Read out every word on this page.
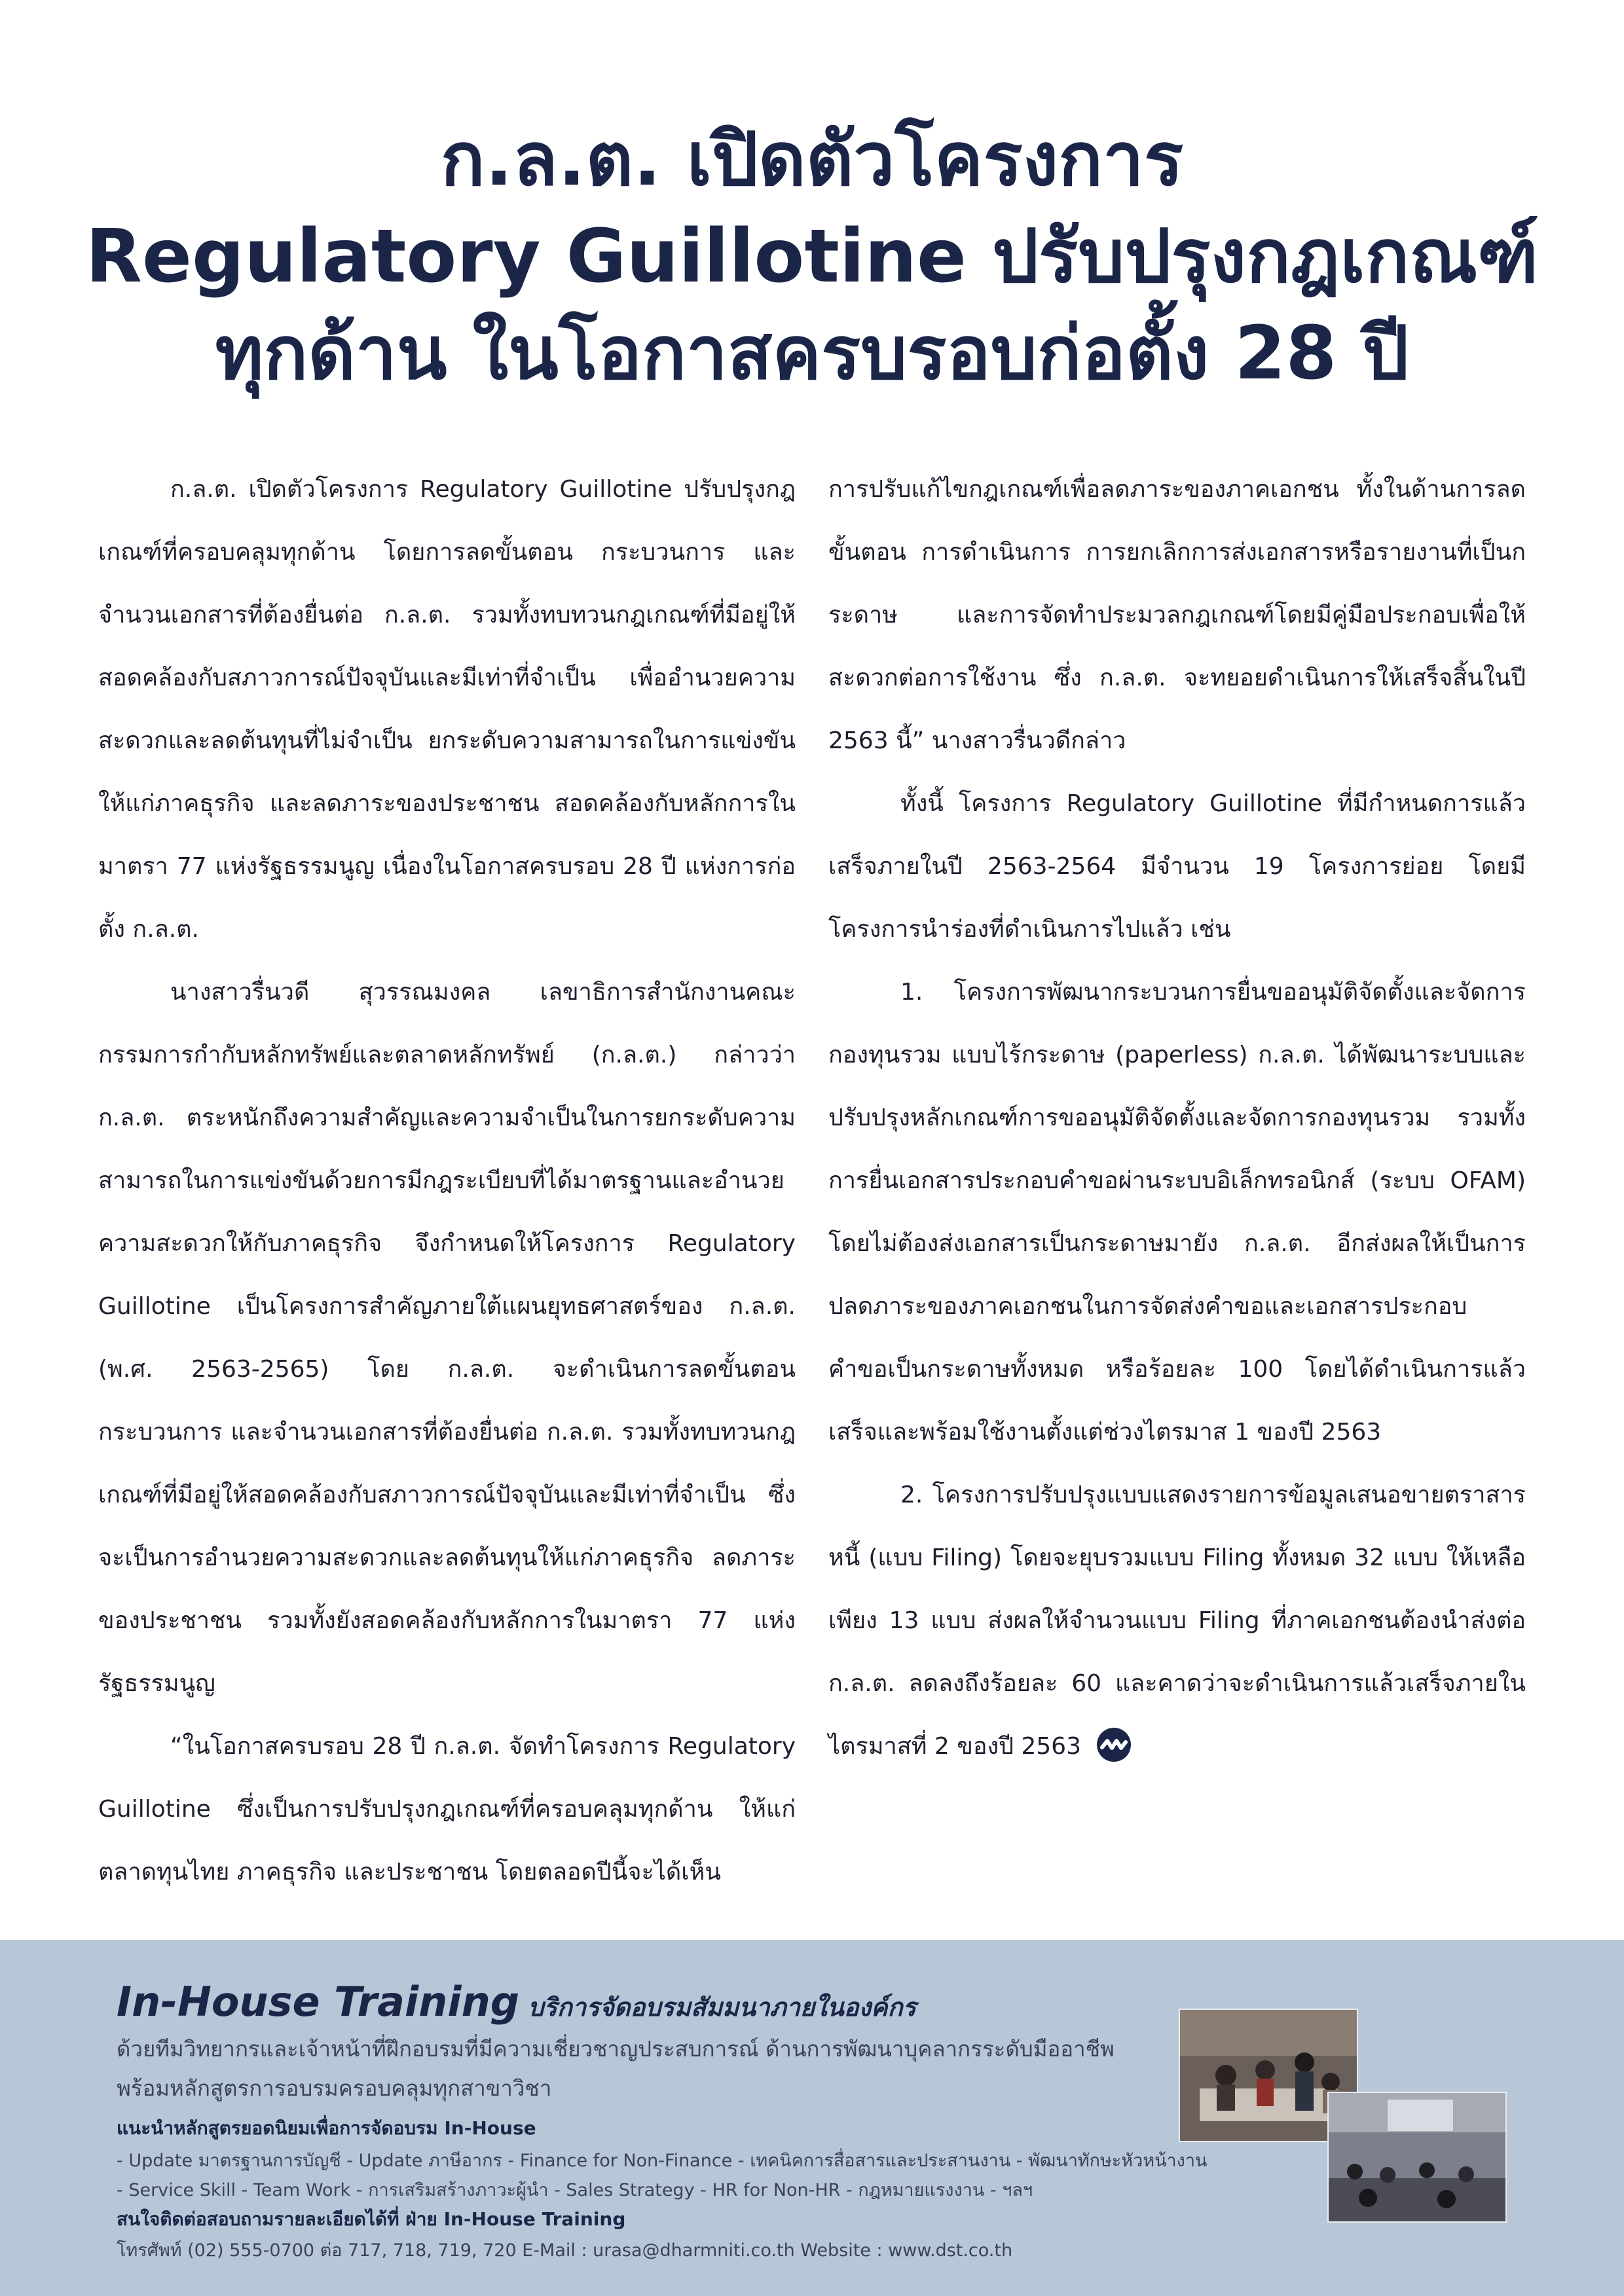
ก.ล.ต. เปิดตัวโครงการ
Regulatory Guillotine ปรับปรุงกฎเกณฑ์
ทุกด้าน ในโอกาสครบรอบก่อตั้ง 28 ปี

ก.ล.ต. เปิดตัวโครงการ Regulatory Guillotine ปรับปรุงกฎเกณฑ์ที่ครอบคลุมทุกด้าน โดยการลดขั้นตอน กระบวนการ และจำนวนเอกสารที่ต้องยื่นต่อ ก.ล.ต. รวมทั้งทบทวนกฎเกณฑ์ที่มีอยู่ให้สอดคล้องกับสภาวการณ์ปัจจุบันและมีเท่าที่จำเป็น เพื่ออำนวยความสะดวกและลดต้นทุนที่ไม่จำเป็น ยกระดับความสามารถในการแข่งขันให้แก่ภาคธุรกิจ และลดภาระของประชาชน สอดคล้องกับหลักการในมาตรา 77 แห่งรัฐธรรมนูญ เนื่องในโอกาสครบรอบ 28 ปี แห่งการก่อตั้ง ก.ล.ต.

นางสาวรื่นวดี สุวรรณมงคล เลขาธิการสำนักงานคณะกรรมการกำกับหลักทรัพย์และตลาดหลักทรัพย์ (ก.ล.ต.) กล่าวว่า ก.ล.ต. ตระหนักถึงความสำคัญและความจำเป็นในการยกระดับความสามารถในการแข่งขันด้วยการมีกฎระเบียบที่ได้มาตรฐานและอำนวยความสะดวกให้กับภาคธุรกิจ จึงกำหนดให้โครงการ Regulatory Guillotine เป็นโครงการสำคัญภายใต้แผนยุทธศาสตร์ของ ก.ล.ต. (พ.ศ. 2563-2565) โดย ก.ล.ต. จะดำเนินการลดขั้นตอน กระบวนการ และจำนวนเอกสารที่ต้องยื่นต่อ ก.ล.ต. รวมทั้งทบทวนกฎเกณฑ์ที่มีอยู่ให้สอดคล้องกับสภาวการณ์ปัจจุบันและมีเท่าที่จำเป็น ซึ่งจะเป็นการอำนวยความสะดวกและลดต้นทุนให้แก่ภาคธุรกิจ ลดภาระของประชาชน รวมทั้งยังสอดคล้องกับหลักการในมาตรา 77 แห่งรัฐธรรมนูญ

“ในโอกาสครบรอบ 28 ปี ก.ล.ต. จัดทำโครงการ Regulatory Guillotine ซึ่งเป็นการปรับปรุงกฎเกณฑ์ที่ครอบคลุมทุกด้าน ให้แก่ตลาดทุนไทย ภาคธุรกิจ และประชาชน โดยตลอดปีนี้จะได้เห็น

การปรับแก้ไขกฎเกณฑ์เพื่อลดภาระของภาคเอกชน ทั้งในด้านการลดขั้นตอน การดำเนินการ การยกเลิกการส่งเอกสารหรือรายงานที่เป็นกระดาษ และการจัดทำประมวลกฎเกณฑ์โดยมีคู่มือประกอบเพื่อให้สะดวกต่อการใช้งาน ซึ่ง ก.ล.ต. จะทยอยดำเนินการให้เสร็จสิ้นในปี 2563 นี้” นางสาวรื่นวดีกล่าว

ทั้งนี้ โครงการ Regulatory Guillotine ที่มีกำหนดการแล้วเสร็จภายในปี 2563-2564 มีจำนวน 19 โครงการย่อย โดยมีโครงการนำร่องที่ดำเนินการไปแล้ว เช่น

1. โครงการพัฒนากระบวนการยื่นขออนุมัติจัดตั้งและจัดการกองทุนรวม แบบไร้กระดาษ (paperless) ก.ล.ต. ได้พัฒนาระบบและปรับปรุงหลักเกณฑ์การขออนุมัติจัดตั้งและจัดการกองทุนรวม รวมทั้งการยื่นเอกสารประกอบคำขอผ่านระบบอิเล็กทรอนิกส์ (ระบบ OFAM) โดยไม่ต้องส่งเอกสารเป็นกระดาษมายัง ก.ล.ต. อีกส่งผลให้เป็นการปลดภาระของภาคเอกชนในการจัดส่งคำขอและเอกสารประกอบคำขอเป็นกระดาษทั้งหมด หรือร้อยละ 100 โดยได้ดำเนินการแล้วเสร็จและพร้อมใช้งานตั้งแต่ช่วงไตรมาส 1 ของปี 2563

2. โครงการปรับปรุงแบบแสดงรายการข้อมูลเสนอขายตราสารหนี้ (แบบ Filing) โดยจะยุบรวมแบบ Filing ทั้งหมด 32 แบบ ให้เหลือเพียง 13 แบบ ส่งผลให้จำนวนแบบ Filing ที่ภาคเอกชนต้องนำส่งต่อ ก.ล.ต. ลดลงถึงร้อยละ 60 และคาดว่าจะดำเนินการแล้วเสร็จภายในไตรมาสที่ 2 ของปี 2563

In-House Training บริการจัดอบรมสัมมนาภายในองค์กร
ด้วยทีมวิทยากรและเจ้าหน้าที่ฝึกอบรมที่มีความเชี่ยวชาญประสบการณ์ ด้านการพัฒนาบุคลากรระดับมืออาชีพ
พร้อมหลักสูตรการอบรมครอบคลุมทุกสาขาวิชา
แนะนำหลักสูตรยอดนิยมเพื่อการจัดอบรม In-House
- Update มาตรฐานการบัญชี - Update ภาษีอากร - Finance for Non-Finance - เทคนิคการสื่อสารและประสานงาน - พัฒนาทักษะหัวหน้างาน
- Service Skill - Team Work - การเสริมสร้างภาวะผู้นำ - Sales Strategy - HR for Non-HR - กฎหมายแรงงาน - ฯลฯ
สนใจติดต่อสอบถามรายละเอียดได้ที่ ฝ่าย In-House Training
โทรศัพท์ (02) 555-0700 ต่อ 717, 718, 719, 720 E-Mail : urasa@dharmniti.co.th Website : www.dst.co.th
